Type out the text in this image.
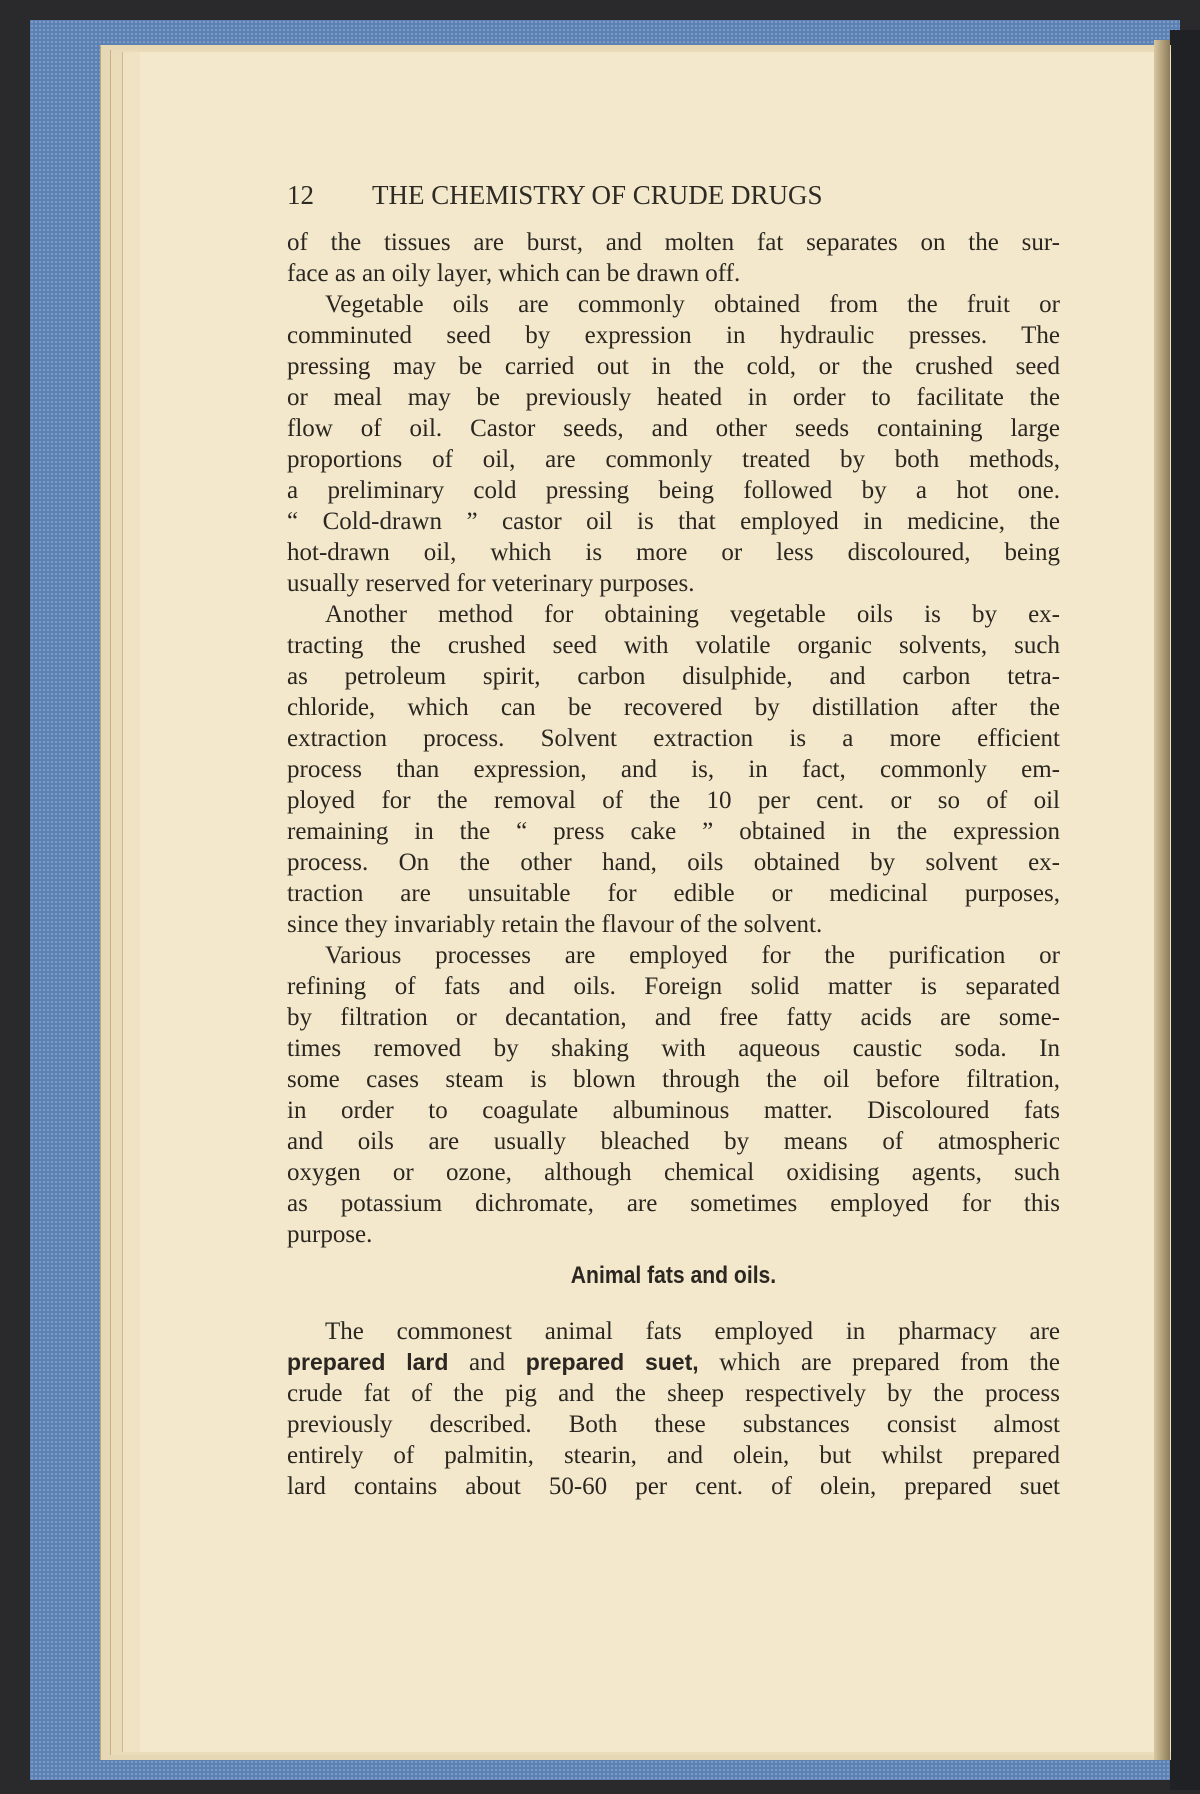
12	THE CHEMISTRY OF CRUDE DRUGS
of the tissues are burst, and molten fat separates on the sur-
face as an oily layer, which can be drawn off.
Vegetable oils are commonly obtained from the fruit or
comminuted seed by expression in hydraulic presses. The
pressing may be carried out in the cold, or the crushed seed
or meal may be previously heated in order to facilitate the
flow of oil. Castor seeds, and other seeds containing large
proportions of oil, are commonly treated by both methods,
a preliminary cold pressing being followed by a hot one.
“ Cold-drawn ” castor oil is that employed in medicine, the
hot-drawn oil, which is more or less discoloured, being
usually reserved for veterinary purposes.
Another method for obtaining vegetable oils is by ex-
tracting the crushed seed with volatile organic solvents, such
as petroleum spirit, carbon disulphide, and carbon tetra-
chloride, which can be recovered by distillation after the
extraction process. Solvent extraction is a more efficient
process than expression, and is, in fact, commonly em-
ployed for the removal of the 10 per cent. or so of oil
remaining in the “ press cake ” obtained in the expression
process. On the other hand, oils obtained by solvent ex-
traction are unsuitable for edible or medicinal purposes,
since they invariably retain the flavour of the solvent.
Various processes are employed for the purification or
refining of fats and oils. Foreign solid matter is separated
by filtration or decantation, and free fatty acids are some-
times removed by shaking with aqueous caustic soda. In
some cases steam is blown through the oil before filtration,
in order to coagulate albuminous matter. Discoloured fats
and oils are usually bleached by means of atmospheric
oxygen or ozone, although chemical oxidising agents, such
as potassium dichromate, are sometimes employed for this
purpose.
Animal fats and oils.
The commonest animal fats employed in pharmacy are
prepared lard and prepared suet, which are prepared from the
crude fat of the pig and the sheep respectively by the process
previously described. Both these substances consist almost
entirely of palmitin, stearin, and olein, but whilst prepared
lard contains about 50-60 per cent. of olein, prepared suet
